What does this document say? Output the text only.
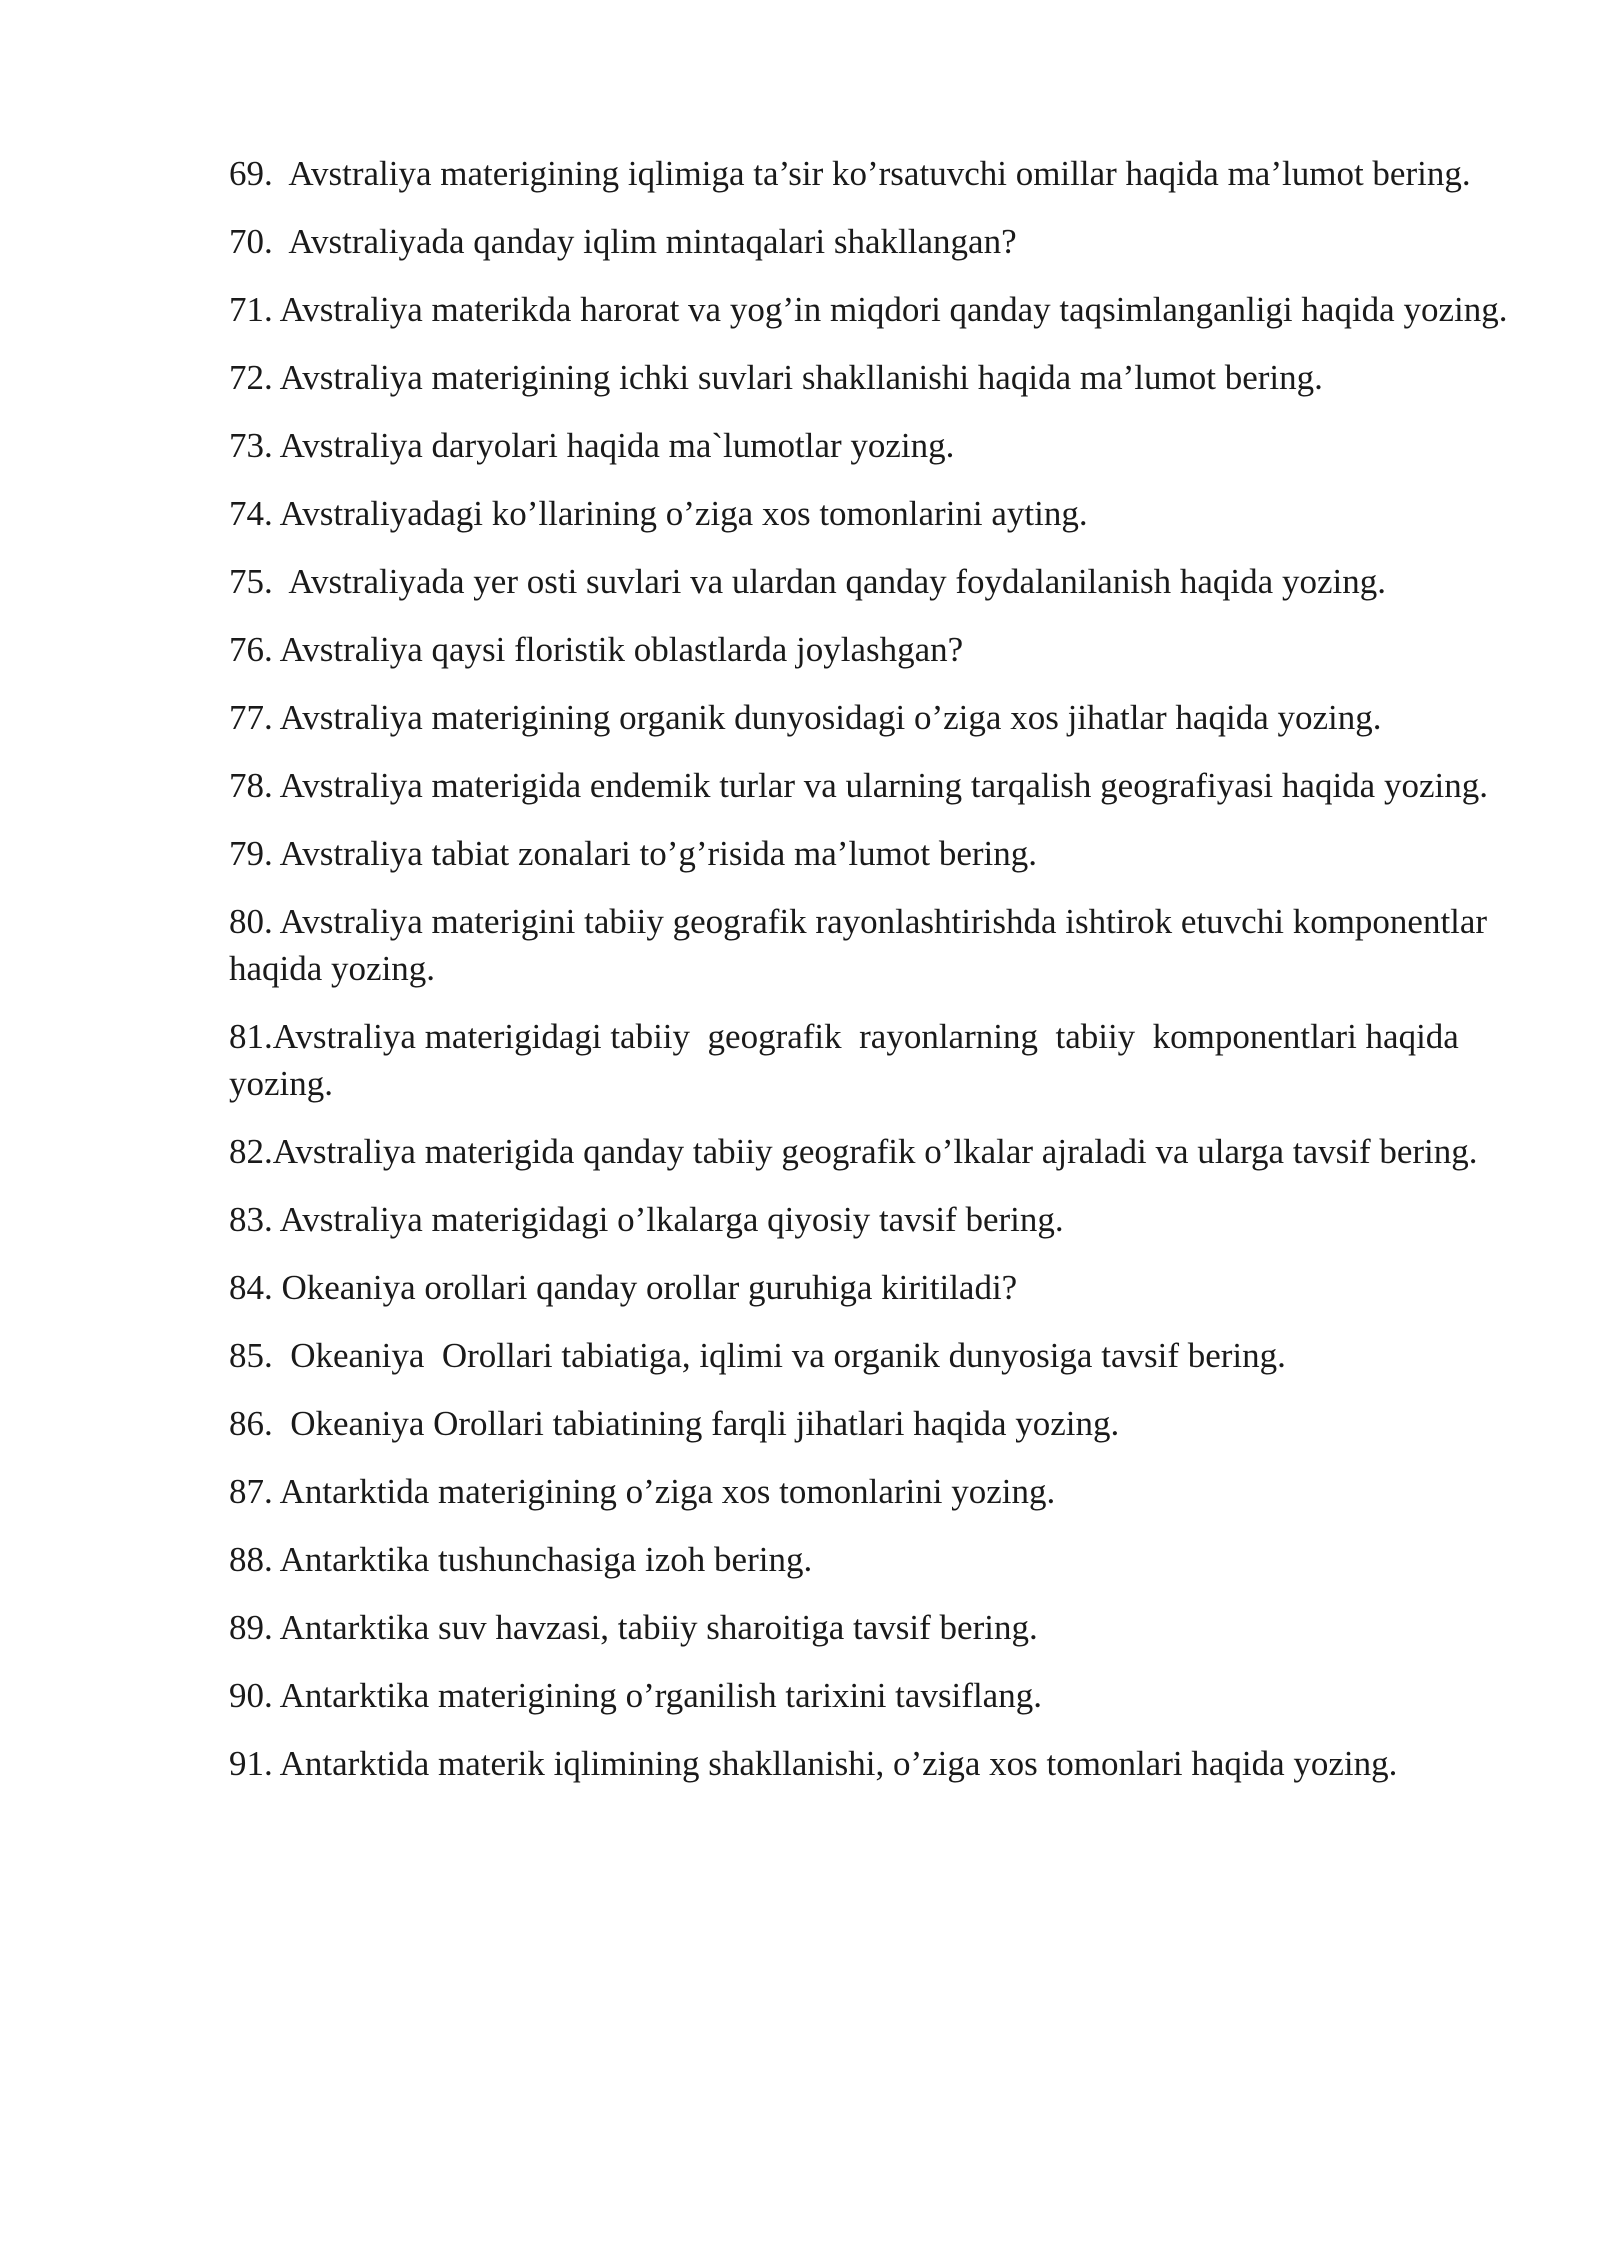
69.  Avstraliya materigining iqlimiga ta’sir ko’rsatuvchi omillar haqida ma’lumot bering.
70.  Avstraliyada qanday iqlim mintaqalari shakllangan?
71. Avstraliya materikda harorat va yog’in miqdori qanday taqsimlanganligi haqida yozing.
72. Avstraliya materigining ichki suvlari shakllanishi haqida ma’lumot bering.
73. Avstraliya daryolari haqida ma`lumotlar yozing.
74. Avstraliyadagi ko’llarining o’ziga xos tomonlarini ayting.
75.  Avstraliyada yer osti suvlari va ulardan qanday foydalanilanish haqida yozing.
76. Avstraliya qaysi floristik oblastlarda joylashgan?
77. Avstraliya materigining organik dunyosidagi o’ziga xos jihatlar haqida yozing.
78. Avstraliya materigida endemik turlar va ularning tarqalish geografiyasi haqida yozing.
79. Avstraliya tabiat zonalari to’g’risida ma’lumot bering.
80. Avstraliya materigini tabiiy geografik rayonlashtirishda ishtirok etuvchi komponentlar haqida yozing.
81.Avstraliya materigidagi tabiiy  geografik  rayonlarning  tabiiy  komponentlari haqida yozing.
82.Avstraliya materigida qanday tabiiy geografik o’lkalar ajraladi va ularga tavsif bering.
83. Avstraliya materigidagi o’lkalarga qiyosiy tavsif bering.
84. Okeaniya orollari qanday orollar guruhiga kiritiladi?
85.  Okeaniya  Orollari tabiatiga, iqlimi va organik dunyosiga tavsif bering.
86.  Okeaniya Orollari tabiatining farqli jihatlari haqida yozing.
87. Antarktida materigining o’ziga xos tomonlarini yozing.
88. Antarktika tushunchasiga izoh bering.
89. Antarktika suv havzasi, tabiiy sharoitiga tavsif bering.
90. Antarktika materigining o’rganilish tarixini tavsiflang.
91. Antarktida materik iqlimining shakllanishi, o’ziga xos tomonlari haqida yozing.
